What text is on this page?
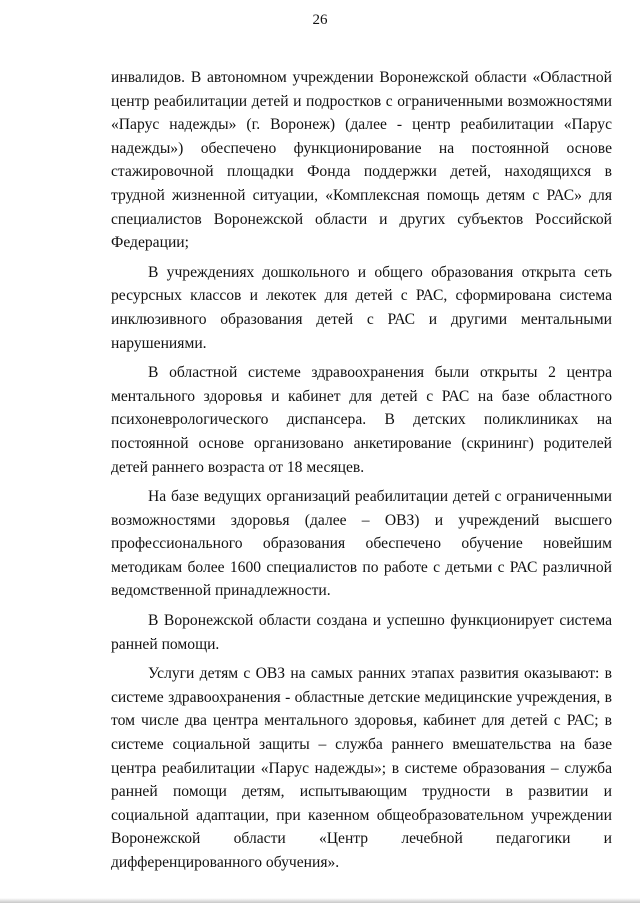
26

инвалидов. В автономном учреждении Воронежской области «Областной центр реабилитации детей и подростков с ограниченными возможностями «Парус надежды» (г. Воронеж) (далее - центр реабилитации «Парус надежды») обеспечено функционирование на постоянной основе стажировочной площадки Фонда поддержки детей, находящихся в трудной жизненной ситуации, «Комплексная помощь детям с РАС» для специалистов Воронежской области и других субъектов Российской Федерации;

В учреждениях дошкольного и общего образования открыта сеть ресурсных классов и лекотек для детей с РАС, сформирована система инклюзивного образования детей с РАС и другими ментальными нарушениями.

В областной системе здравоохранения были открыты 2 центра ментального здоровья и кабинет для детей с РАС на базе областного психоневрологического диспансера. В детских поликлиниках на постоянной основе организовано анкетирование (скрининг) родителей детей раннего возраста от 18 месяцев.

На базе ведущих организаций реабилитации детей с ограниченными возможностями здоровья (далее – ОВЗ) и учреждений высшего профессионального образования обеспечено обучение новейшим методикам более 1600 специалистов по работе с детьми с РАС различной ведомственной принадлежности.

В Воронежской области создана и успешно функционирует система ранней помощи.

Услуги детям с ОВЗ на самых ранних этапах развития оказывают: в системе здравоохранения - областные детские медицинские учреждения, в том числе два центра ментального здоровья, кабинет для детей с РАС; в системе социальной защиты – служба раннего вмешательства на базе центра реабилитации «Парус надежды»; в системе образования – служба ранней помощи детям, испытывающим трудности в развитии и социальной адаптации, при казенном общеобразовательном учреждении Воронежской области «Центр лечебной педагогики и дифференцированного обучения».
